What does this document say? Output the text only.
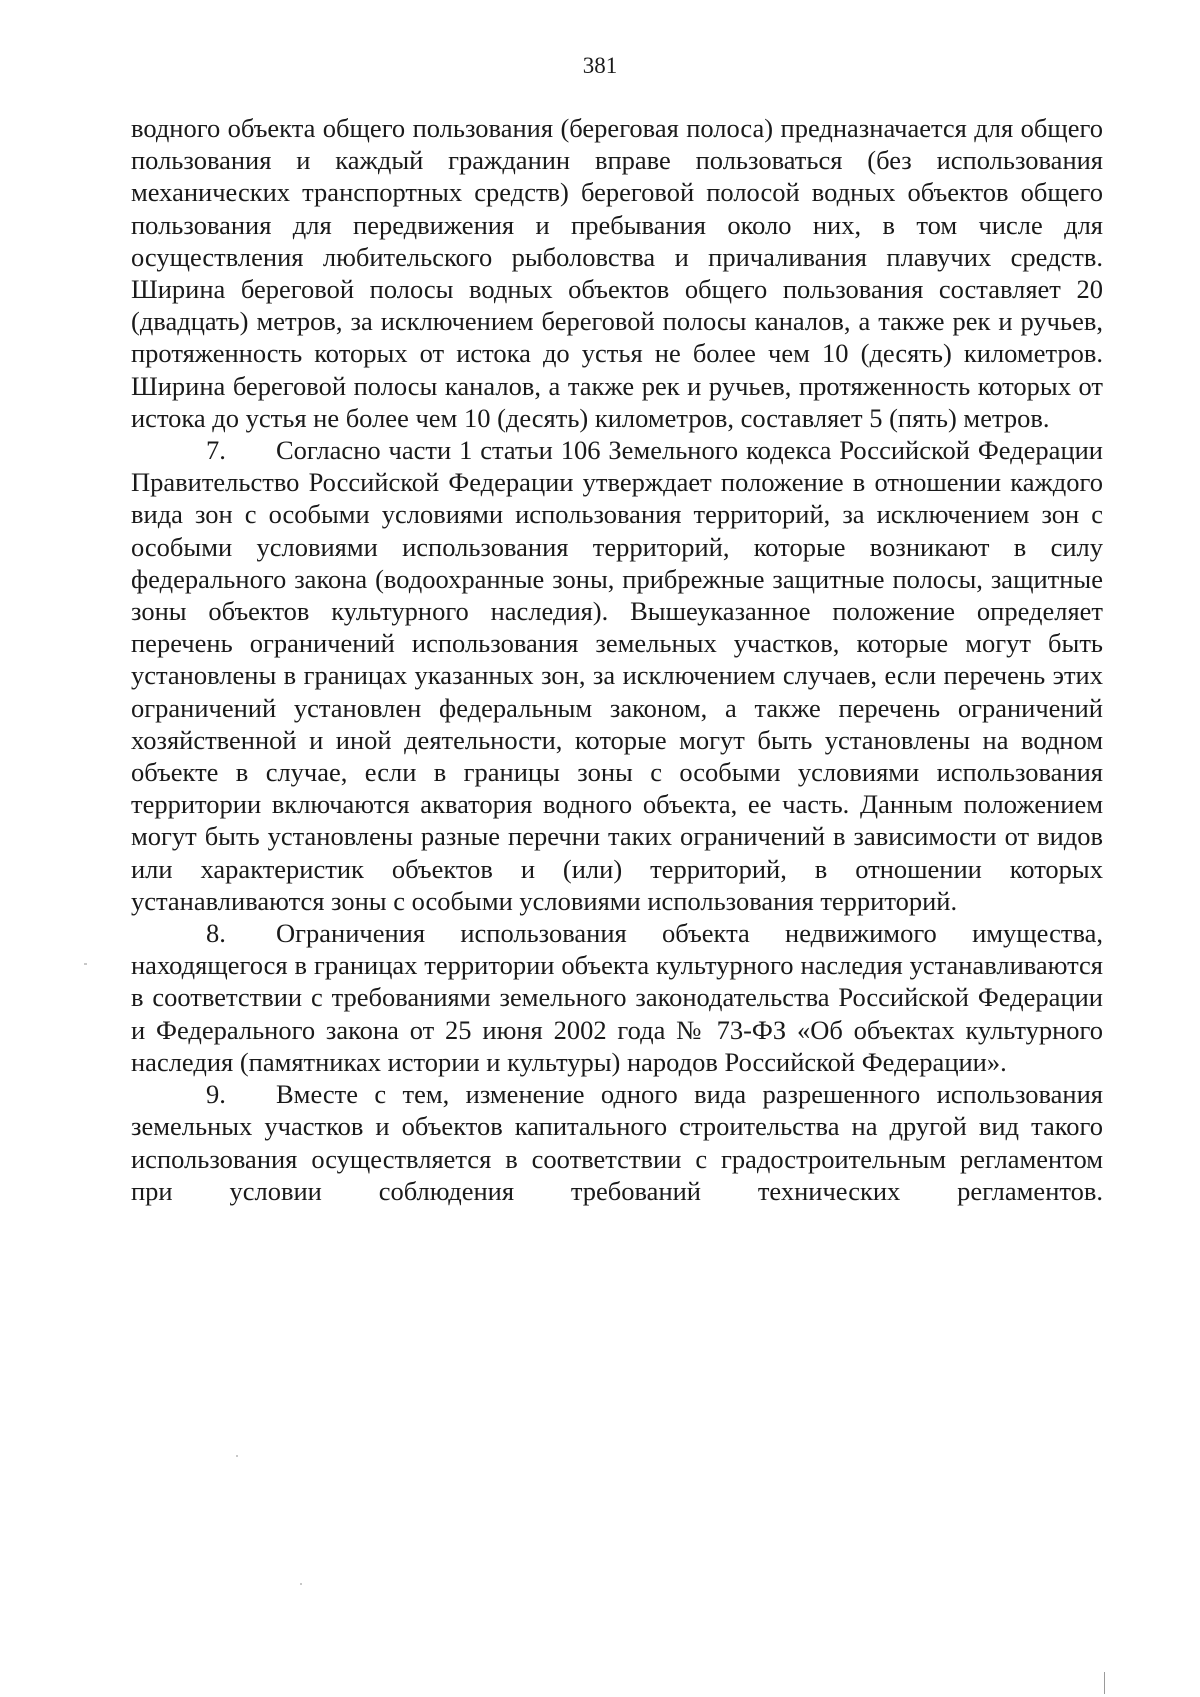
381

водного объекта общего пользования (береговая полоса) предназначается для общего пользования и каждый гражданин вправе пользоваться (без использования механических транспортных средств) береговой полосой водных объектов общего пользования для передвижения и пребывания около них, в том числе для осуществления любительского рыболовства и причаливания плавучих средств. Ширина береговой полосы водных объектов общего пользования составляет 20 (двадцать) метров, за исключением береговой полосы каналов, а также рек и ручьев, протяженность которых от истока до устья не более чем 10 (десять) километров. Ширина береговой полосы каналов, а также рек и ручьев, протяженность которых от истока до устья не более чем 10 (десять) километров, составляет 5 (пять) метров.

7. Согласно части 1 статьи 106 Земельного кодекса Российской Федерации Правительство Российской Федерации утверждает положение в отношении каждого вида зон с особыми условиями использования территорий, за исключением зон с особыми условиями использования территорий, которые возникают в силу федерального закона (водоохранные зоны, прибрежные защитные полосы, защитные зоны объектов культурного наследия). Вышеуказанное положение определяет перечень ограничений использования земельных участков, которые могут быть установлены в границах указанных зон, за исключением случаев, если перечень этих ограничений установлен федеральным законом, а также перечень ограничений хозяйственной и иной деятельности, которые могут быть установлены на водном объекте в случае, если в границы зоны с особыми условиями использования территории включаются акватория водного объекта, ее часть. Данным положением могут быть установлены разные перечни таких ограничений в зависимости от видов или характеристик объектов и (или) территорий, в отношении которых устанавливаются зоны с особыми условиями использования территорий.

8. Ограничения использования объекта недвижимого имущества, находящегося в границах территории объекта культурного наследия устанавливаются в соответствии с требованиями земельного законодательства Российской Федерации и Федерального закона от 25 июня 2002 года № 73-ФЗ «Об объектах культурного наследия (памятниках истории и культуры) народов Российской Федерации».

9. Вместе с тем, изменение одного вида разрешенного использования земельных участков и объектов капитального строительства на другой вид такого использования осуществляется в соответствии с градостроительным регламентом при условии соблюдения требований технических регламентов.
